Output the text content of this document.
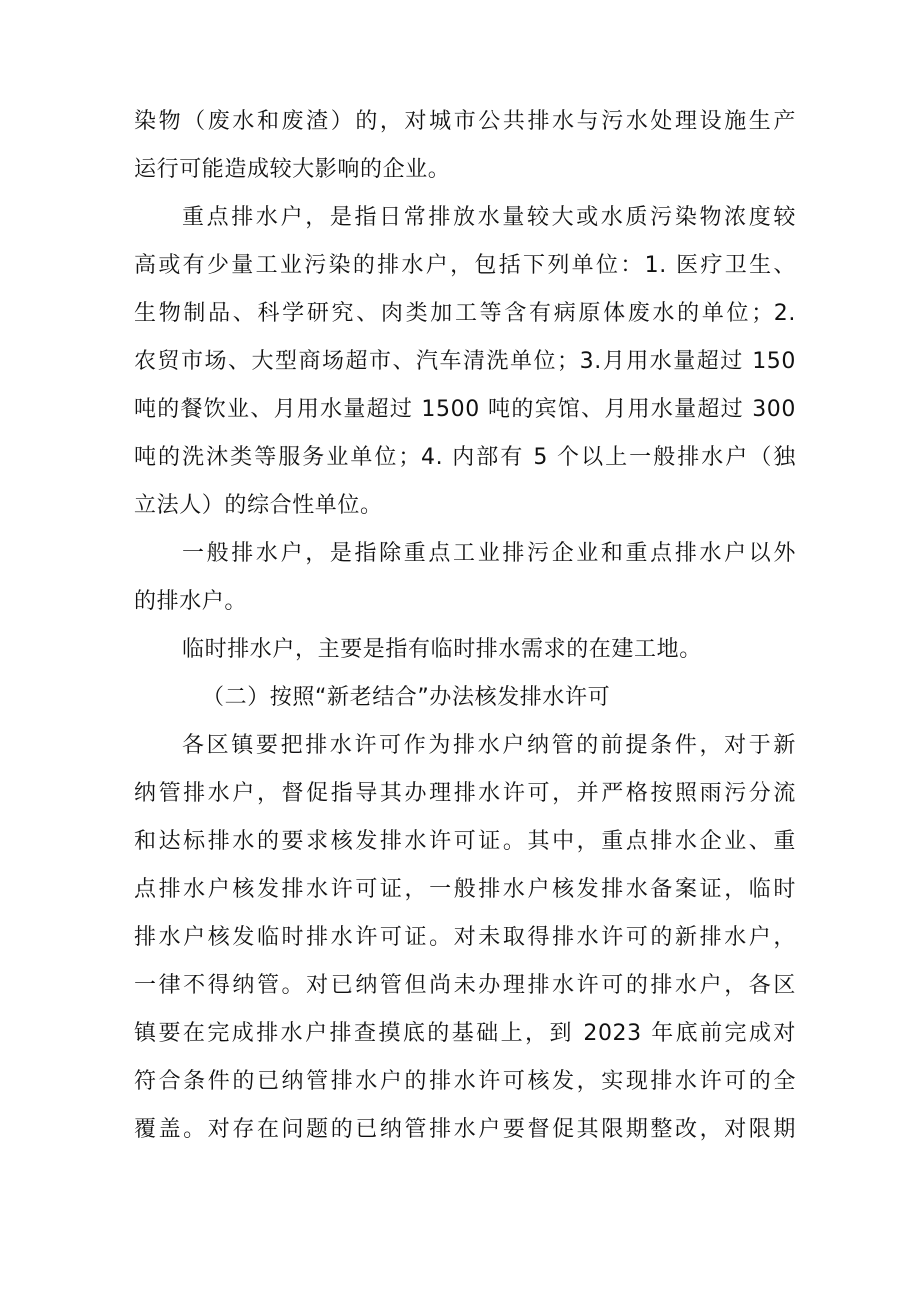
染物（废水和废渣）的，对城市公共排水与污水处理设施生产
运行可能造成较大影响的企业。
重点排水户，是指日常排放水量较大或水质污染物浓度较
高或有少量工业污染的排水户，包括下列单位：1. 医疗卫生、
生物制品、科学研究、肉类加工等含有病原体废水的单位；2.
农贸市场、大型商场超市、汽车清洗单位；3.月用水量超过 150
吨的餐饮业、月用水量超过 1500 吨的宾馆、月用水量超过 300
吨的洗沐类等服务业单位；4. 内部有 5 个以上一般排水户（独
立法人）的综合性单位。
一般排水户，是指除重点工业排污企业和重点排水户以外
的排水户。
临时排水户，主要是指有临时排水需求的在建工地。
（二）按照“新老结合”办法核发排水许可
各区镇要把排水许可作为排水户纳管的前提条件，对于新
纳管排水户，督促指导其办理排水许可，并严格按照雨污分流
和达标排水的要求核发排水许可证。其中，重点排水企业、重
点排水户核发排水许可证，一般排水户核发排水备案证，临时
排水户核发临时排水许可证。对未取得排水许可的新排水户，
一律不得纳管。对已纳管但尚未办理排水许可的排水户，各区
镇要在完成排水户排查摸底的基础上，到 2023 年底前完成对
符合条件的已纳管排水户的排水许可核发，实现排水许可的全
覆盖。对存在问题的已纳管排水户要督促其限期整改，对限期
